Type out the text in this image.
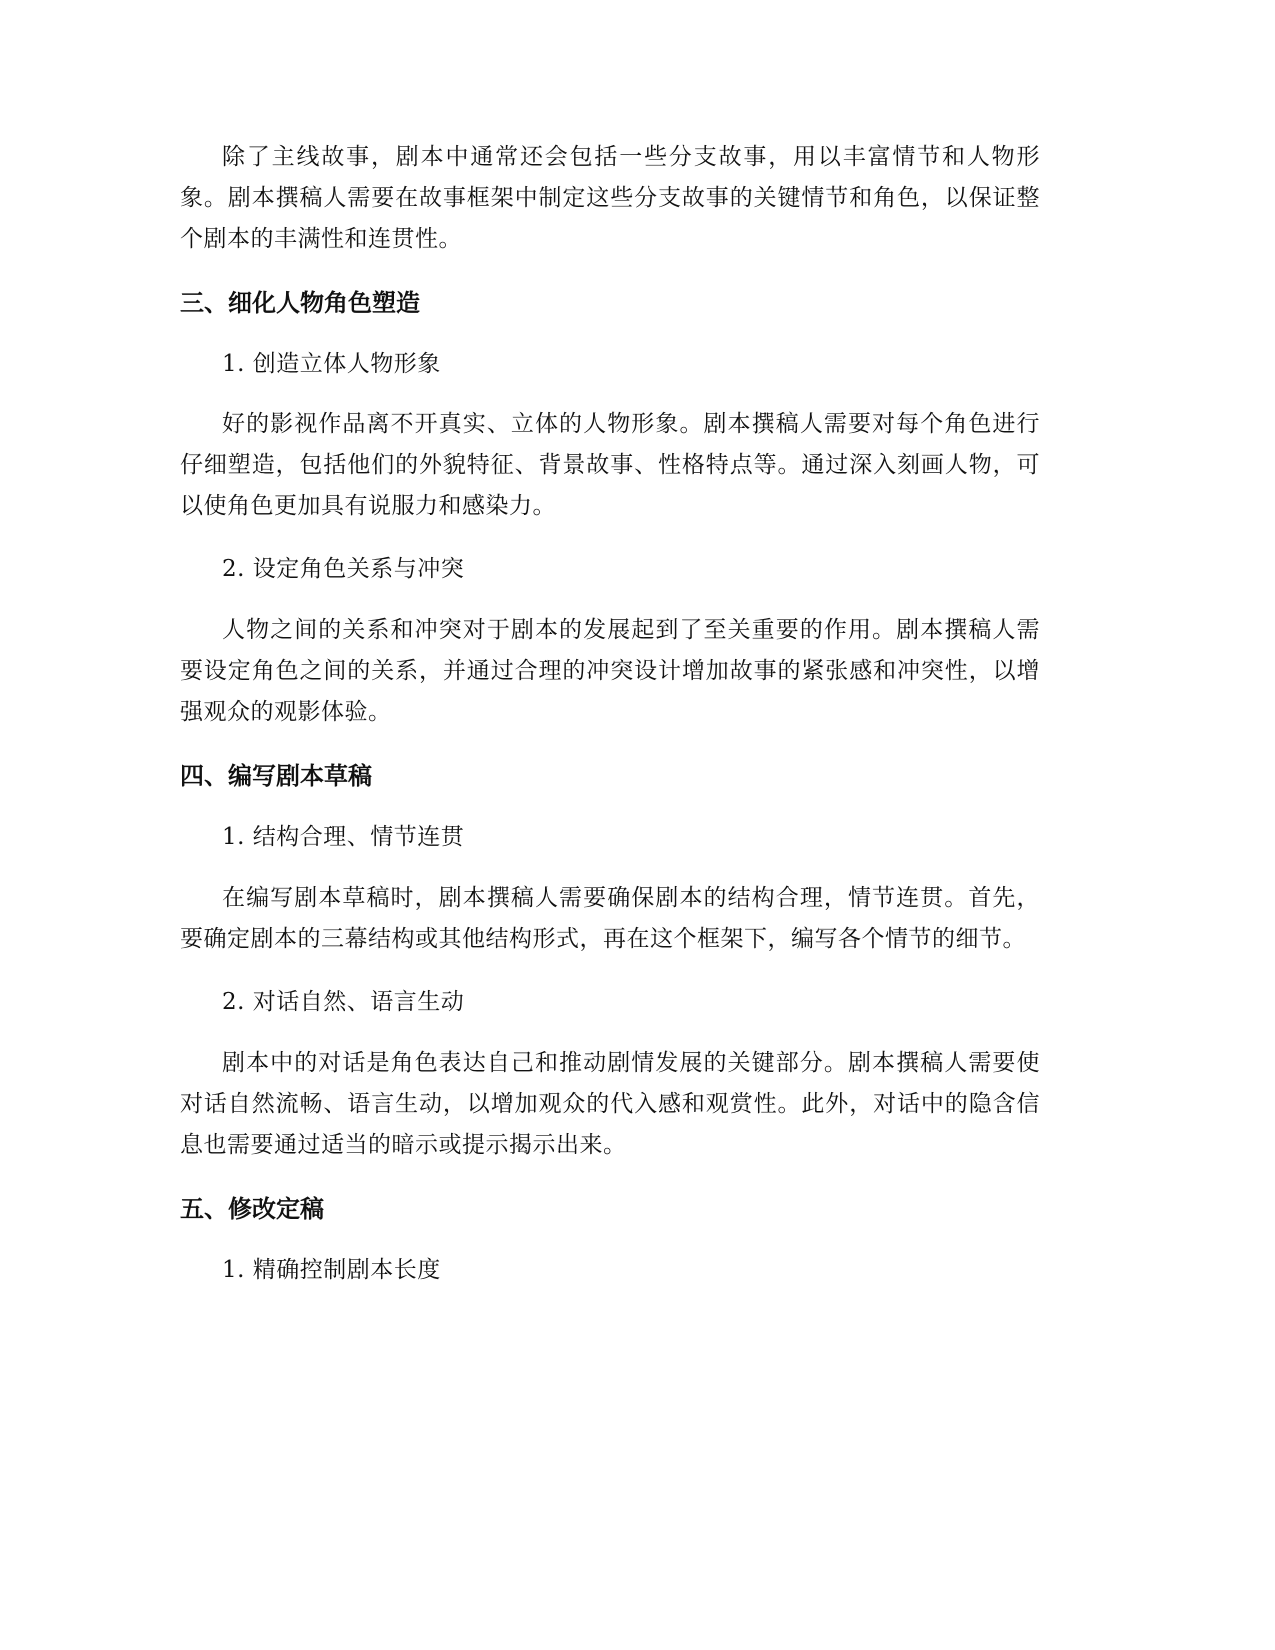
除了主线故事，剧本中通常还会包括一些分支故事，用以丰富情节和人物形象。剧本撰稿人需要在故事框架中制定这些分支故事的关键情节和角色，以保证整个剧本的丰满性和连贯性。

三、细化人物角色塑造

1. 创造立体人物形象

好的影视作品离不开真实、立体的人物形象。剧本撰稿人需要对每个角色进行仔细塑造，包括他们的外貌特征、背景故事、性格特点等。通过深入刻画人物，可以使角色更加具有说服力和感染力。

2. 设定角色关系与冲突

人物之间的关系和冲突对于剧本的发展起到了至关重要的作用。剧本撰稿人需要设定角色之间的关系，并通过合理的冲突设计增加故事的紧张感和冲突性，以增强观众的观影体验。

四、编写剧本草稿

1. 结构合理、情节连贯

在编写剧本草稿时，剧本撰稿人需要确保剧本的结构合理，情节连贯。首先，要确定剧本的三幕结构或其他结构形式，再在这个框架下，编写各个情节的细节。

2. 对话自然、语言生动

剧本中的对话是角色表达自己和推动剧情发展的关键部分。剧本撰稿人需要使对话自然流畅、语言生动，以增加观众的代入感和观赏性。此外，对话中的隐含信息也需要通过适当的暗示或提示揭示出来。

五、修改定稿

1. 精确控制剧本长度
